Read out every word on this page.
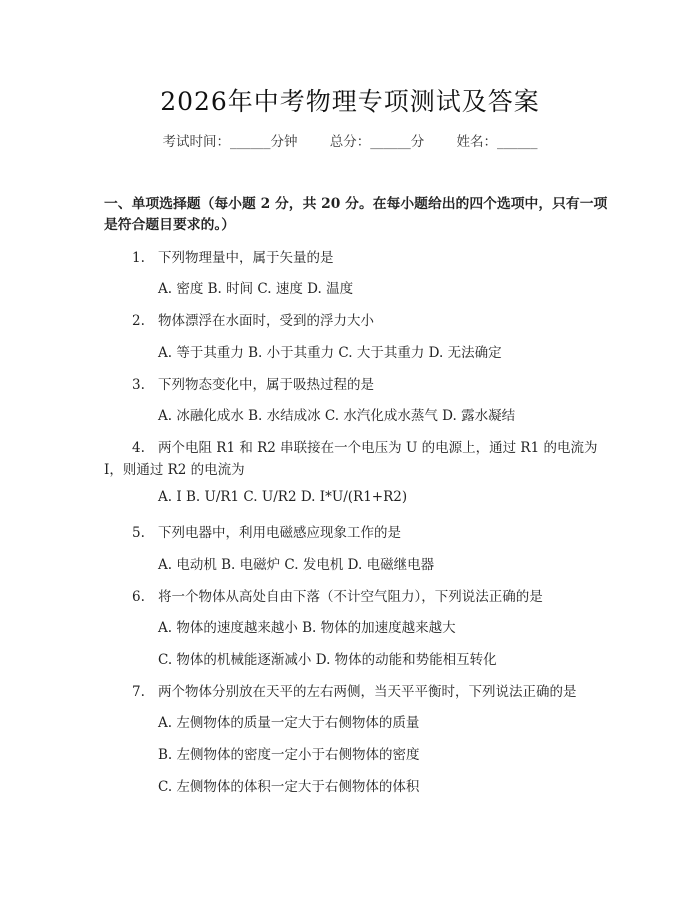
2026年中考物理专项测试及答案
考试时间：______分钟 总分：______分 姓名：______
一、单项选择题（每小题 2 分，共 20 分。在每小题给出的四个选项中，只有一项
是符合题目要求的。）
1. 下列物理量中，属于矢量的是
A. 密度 B. 时间 C. 速度 D. 温度
2. 物体漂浮在水面时，受到的浮力大小
A. 等于其重力 B. 小于其重力 C. 大于其重力 D. 无法确定
3. 下列物态变化中，属于吸热过程的是
A. 冰融化成水 B. 水结成冰 C. 水汽化成水蒸气 D. 露水凝结
4. 两个电阻 R1 和 R2 串联接在一个电压为 U 的电源上，通过 R1 的电流为
I，则通过 R2 的电流为
A. I B. U/R1 C. U/R2 D. I*U/(R1+R2)
5. 下列电器中，利用电磁感应现象工作的是
A. 电动机 B. 电磁炉 C. 发电机 D. 电磁继电器
6. 将一个物体从高处自由下落（不计空气阻力），下列说法正确的是
A. 物体的速度越来越小 B. 物体的加速度越来越大
C. 物体的机械能逐渐减小 D. 物体的动能和势能相互转化
7. 两个物体分别放在天平的左右两侧，当天平平衡时，下列说法正确的是
A. 左侧物体的质量一定大于右侧物体的质量
B. 左侧物体的密度一定小于右侧物体的密度
C. 左侧物体的体积一定大于右侧物体的体积
